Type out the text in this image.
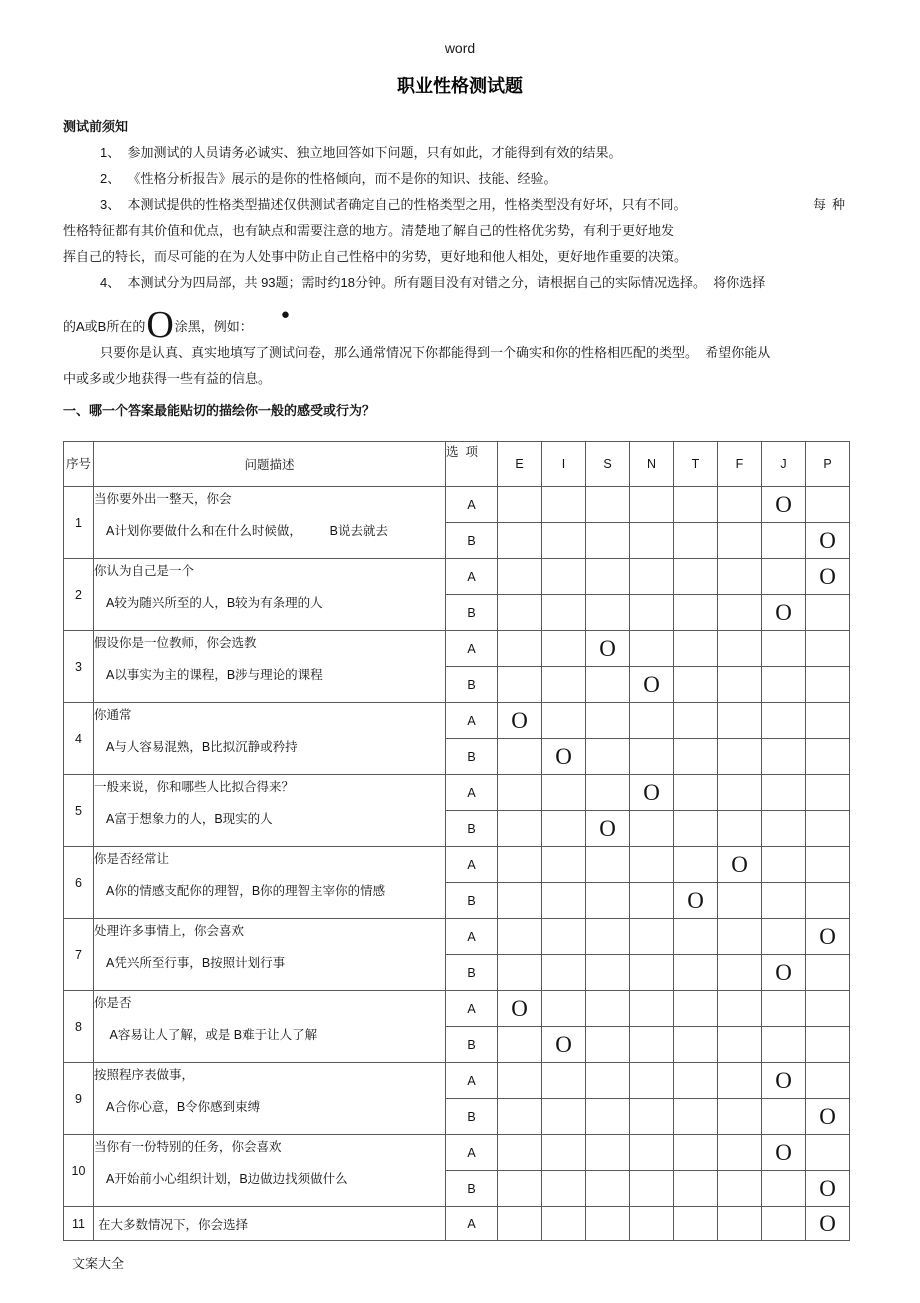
word
职业性格测试题

测试前须知

1、  参加测试的人员请务必诚实、独立地回答如下问题，只有如此，才能得到有效的结果。

2、  《性格分析报告》展示的是你的性格倾向，而不是你的知识、技能、经验。

3、  本测试提供的性格类型描述仅供测试者确定自己的性格类型之用，性格类型没有好坏，只有不同。	每种

性格特征都有其价值和优点，也有缺点和需要注意的地方。清楚地了解自己的性格优劣势，有利于更好地发

挥自己的特长，而尽可能的在为人处事中防止自己性格中的劣势，更好地和他人相处，更好地作重要的决策。

4、  本测试分为四局部，共 93题；需时约18分钟。所有题目没有对错之分，请根据自己的实际情况选择。  将你选择

的A或B所在的 O 涂黑，例如：
●

只要你是认真、真实地填写了测试问卷，那么通常情况下你都能得到一个确实和你的性格相匹配的类型。  希望你能从

中或多或少地获得一些有益的信息。

一、哪一个答案最能贴切的描绘你一般的感受或行为？

序号	问题描述	选  项	E	I	S	N	T	F	J	P
1	当你要外出一整天，你会
A计划你要做什么和在什么时候做，        B说去就去	A							O	
		B								O
2	你认为自己是一个
A较为随兴所至的人，B较为有条理的人	A								O
		B							O	
3	假设你是一位教师，你会选教
A以事实为主的课程，B涉与理论的课程	A			O					
		B				O				
4	你通常
A与人容易混熟，B比拟沉静或矜持	A	O							
		B		O						
5	一般来说，你和哪些人比拟合得来？
A富于想象力的人，B现实的人	A				O				
		B			O					
6	你是否经常让
A你的情感支配你的理智，B你的理智主宰你的情感	A						O		
		B					O			
7	处理许多事情上，你会喜欢
A凭兴所至行事，B按照计划行事	A								O
		B							O	
8	你是否
A容易让人了解，或是 B难于让人了解	A	O							
		B		O						
9	按照程序表做事，
A合你心意，B令你感到束缚	A							O	
		B								O
10	当你有一份特别的任务，你会喜欢
A开始前小心组织计划，B边做边找须做什么	A							O	
		B								O
11	在大多数情况下，你会选择	A								O
文案大全
